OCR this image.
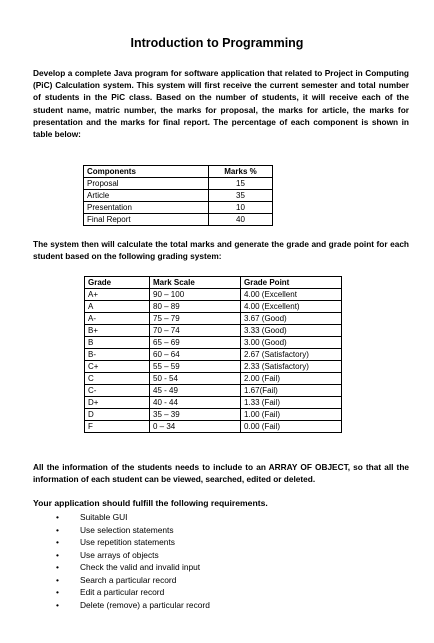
Introduction to Programming
Develop a complete Java program for software application that related to Project in Computing (PiC) Calculation system. This system will first receive the current semester and total number of students in the PiC class. Based on the number of students, it will receive each of the student name, matric number, the marks for proposal, the marks for article, the marks for presentation and the marks for final report. The percentage of each component is shown in table below:
Components	Marks %
Proposal	15
Article	35
Presentation	10
Final Report	40
The system then will calculate the total marks and generate the grade and grade point for each student based on the following grading system:
Grade	Mark Scale	Grade Point
A+	90 – 100	4.00 (Excellent
A	80 – 89	4.00 (Excellent)
A-	75 – 79	3.67 (Good)
B+	70 – 74	3.33 (Good)
B	65 – 69	3.00 (Good)
B-	60 – 64	2.67 (Satisfactory)
C+	55 – 59	2.33 (Satisfactory)
C	50 - 54	2.00 (Fail)
C-	45 - 49	1.67(Fail)
D+	40 - 44	1.33 (Fail)
D	35 – 39	1.00 (Fail)
F	0 – 34	0.00 (Fail)
All the information of the students needs to include to an ARRAY OF OBJECT, so that all the information of each student can be viewed, searched, edited or deleted.
Your application should fulfill the following requirements.
•	Suitable GUI
•	Use selection statements
•	Use repetition statements
•	Use arrays of objects
•	Check the valid and invalid input
•	Search a particular record
•	Edit a particular record
•	Delete (remove) a particular record
